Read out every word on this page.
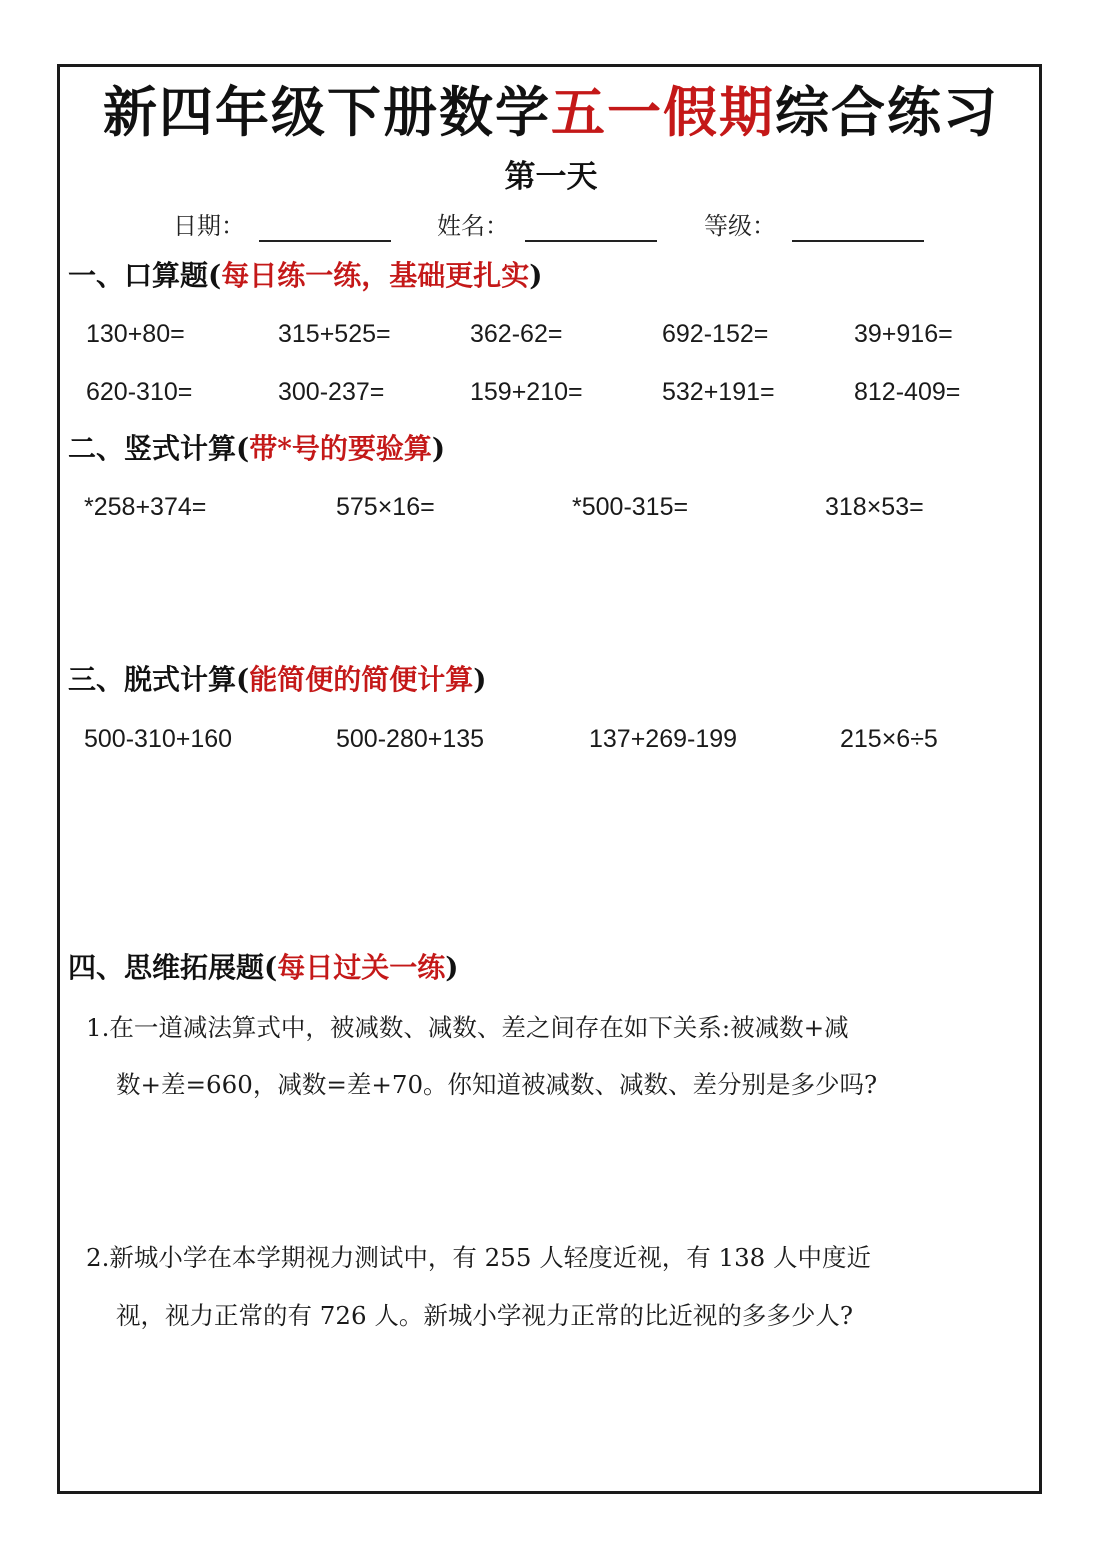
新四年级下册数学五一假期综合练习
第一天
日期：	姓名：	等级：
一、口算题(每日练一练，基础更扎实)
130+80=	315+525=	362-62=	692-152=	39+916=
620-310=	300-237=	159+210=	532+191=	812-409=
二、竖式计算(带*号的要验算)
*258+374=	575×16=	*500-315=	318×53=
三、脱式计算(能简便的简便计算)
500-310+160	500-280+135	137+269-199	215×6÷5
四、思维拓展题(每日过关一练)
1.在一道减法算式中，被减数、减数、差之间存在如下关系:被减数+减
数+差=660，减数=差+70。你知道被减数、减数、差分别是多少吗?
2.新城小学在本学期视力测试中，有 255 人轻度近视，有 138 人中度近
视，视力正常的有 726 人。新城小学视力正常的比近视的多多少人?
